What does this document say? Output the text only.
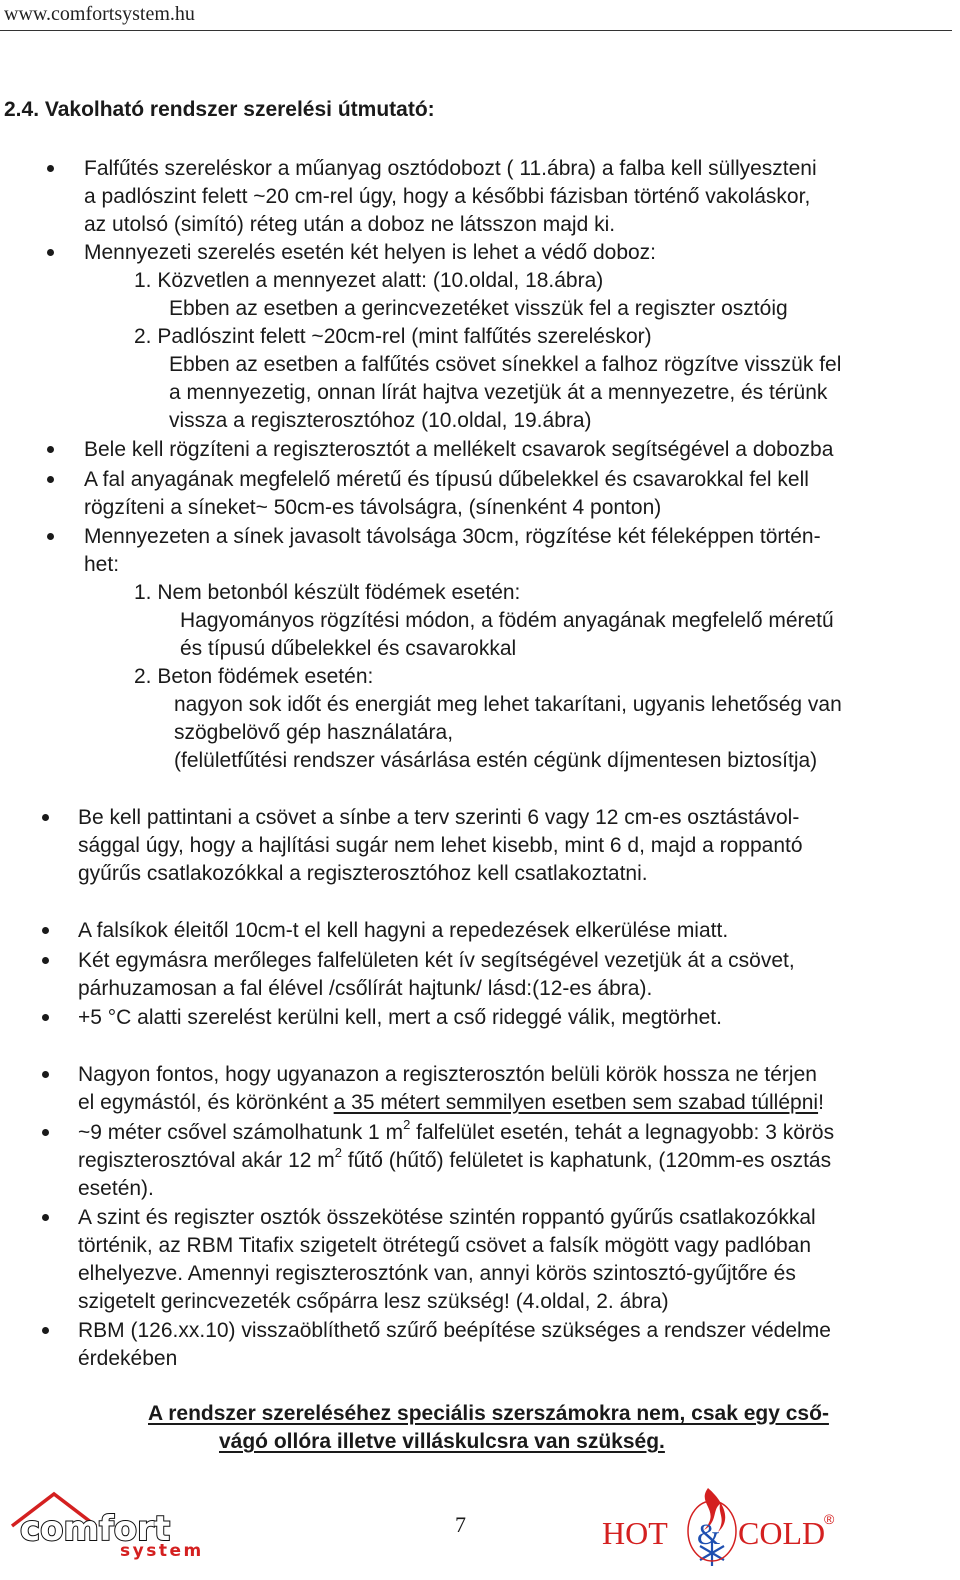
www.comfortsystem.hu
2.4. Vakolható rendszer szerelési útmutató:
Falfűtés szereléskor a műanyag osztódobozt ( 11.ábra) a falba kell süllyeszteni
a padlószint felett ~20 cm-rel úgy, hogy a későbbi fázisban történő vakoláskor,
az utolsó (simító) réteg után a doboz ne látsszon majd ki.
Mennyezeti szerelés esetén két helyen is lehet a védő doboz:
1. Közvetlen a mennyezet alatt: (10.oldal, 18.ábra)
Ebben az esetben a gerincvezetéket visszük fel a regiszter osztóig
2. Padlószint felett ~20cm-rel (mint falfűtés szereléskor)
Ebben az esetben a falfűtés csövet sínekkel a falhoz rögzítve visszük fel
a mennyezetig, onnan lírát hajtva vezetjük át a mennyezetre, és térünk
vissza a regiszterosztóhoz (10.oldal, 19.ábra)
Bele kell rögzíteni a regiszterosztót a mellékelt csavarok segítségével a dobozba
A fal anyagának megfelelő méretű és típusú dűbelekkel és csavarokkal fel kell
rögzíteni a síneket~ 50cm-es távolságra, (sínenként 4 ponton)
Mennyezeten a sínek javasolt távolsága 30cm, rögzítése két féleképpen történ-
het:
1. Nem betonból készült födémek esetén:
Hagyományos rögzítési módon, a födém anyagának megfelelő méretű
és típusú dűbelekkel és csavarokkal
2. Beton födémek esetén:
nagyon sok időt és energiát meg lehet takarítani, ugyanis lehetőség van
szögbelövő gép használatára,
(felületfűtési rendszer vásárlása estén cégünk díjmentesen biztosítja)
Be kell pattintani a csövet a sínbe a terv szerinti 6 vagy 12 cm-es osztástávol-
sággal úgy, hogy a hajlítási sugár nem lehet kisebb, mint 6 d, majd a roppantó
gyűrűs csatlakozókkal a regiszterosztóhoz kell csatlakoztatni.
A falsíkok éleitől 10cm-t el kell hagyni a repedezések elkerülése miatt.
Két egymásra merőleges falfelületen két ív segítségével vezetjük át a csövet,
párhuzamosan a fal élével /csőlírát hajtunk/ lásd:(12-es ábra).
+5 °C alatti szerelést kerülni kell, mert a cső rideggé válik, megtörhet.
Nagyon fontos, hogy ugyanazon a regiszterosztón belüli körök hossza ne térjen
el egymástól, és körönként a 35 métert semmilyen esetben sem szabad túllépni!
~9 méter csővel számolhatunk 1 $m^2$ falfelület esetén, tehát a legnagyobb: 3 körös
regiszterosztóval akár 12 $m^2$ fűtő (hűtő) felületet is kaphatunk, (120mm-es osztás
esetén).
A szint és regiszter osztók összekötése szintén roppantó gyűrűs csatlakozókkal
történik, az RBM Titafix szigetelt ötrétegű csövet a falsík mögött vagy padlóban
elhelyezve. Amennyi regiszterosztónk van, annyi körös szintosztó-gyűjtőre és
szigetelt gerincvezeték csőpárra lesz szükség! (4.oldal, 2. ábra)
RBM (126.xx.10) visszaöblíthető szűrő beépítése szükséges a rendszer védelme
érdekében
A rendszer szereléséhez speciális szerszámokra nem, csak egy cső-
vágó ollóra illetve villáskulcsra van szükség.
comfort
system
7	HOT & COLD
®
